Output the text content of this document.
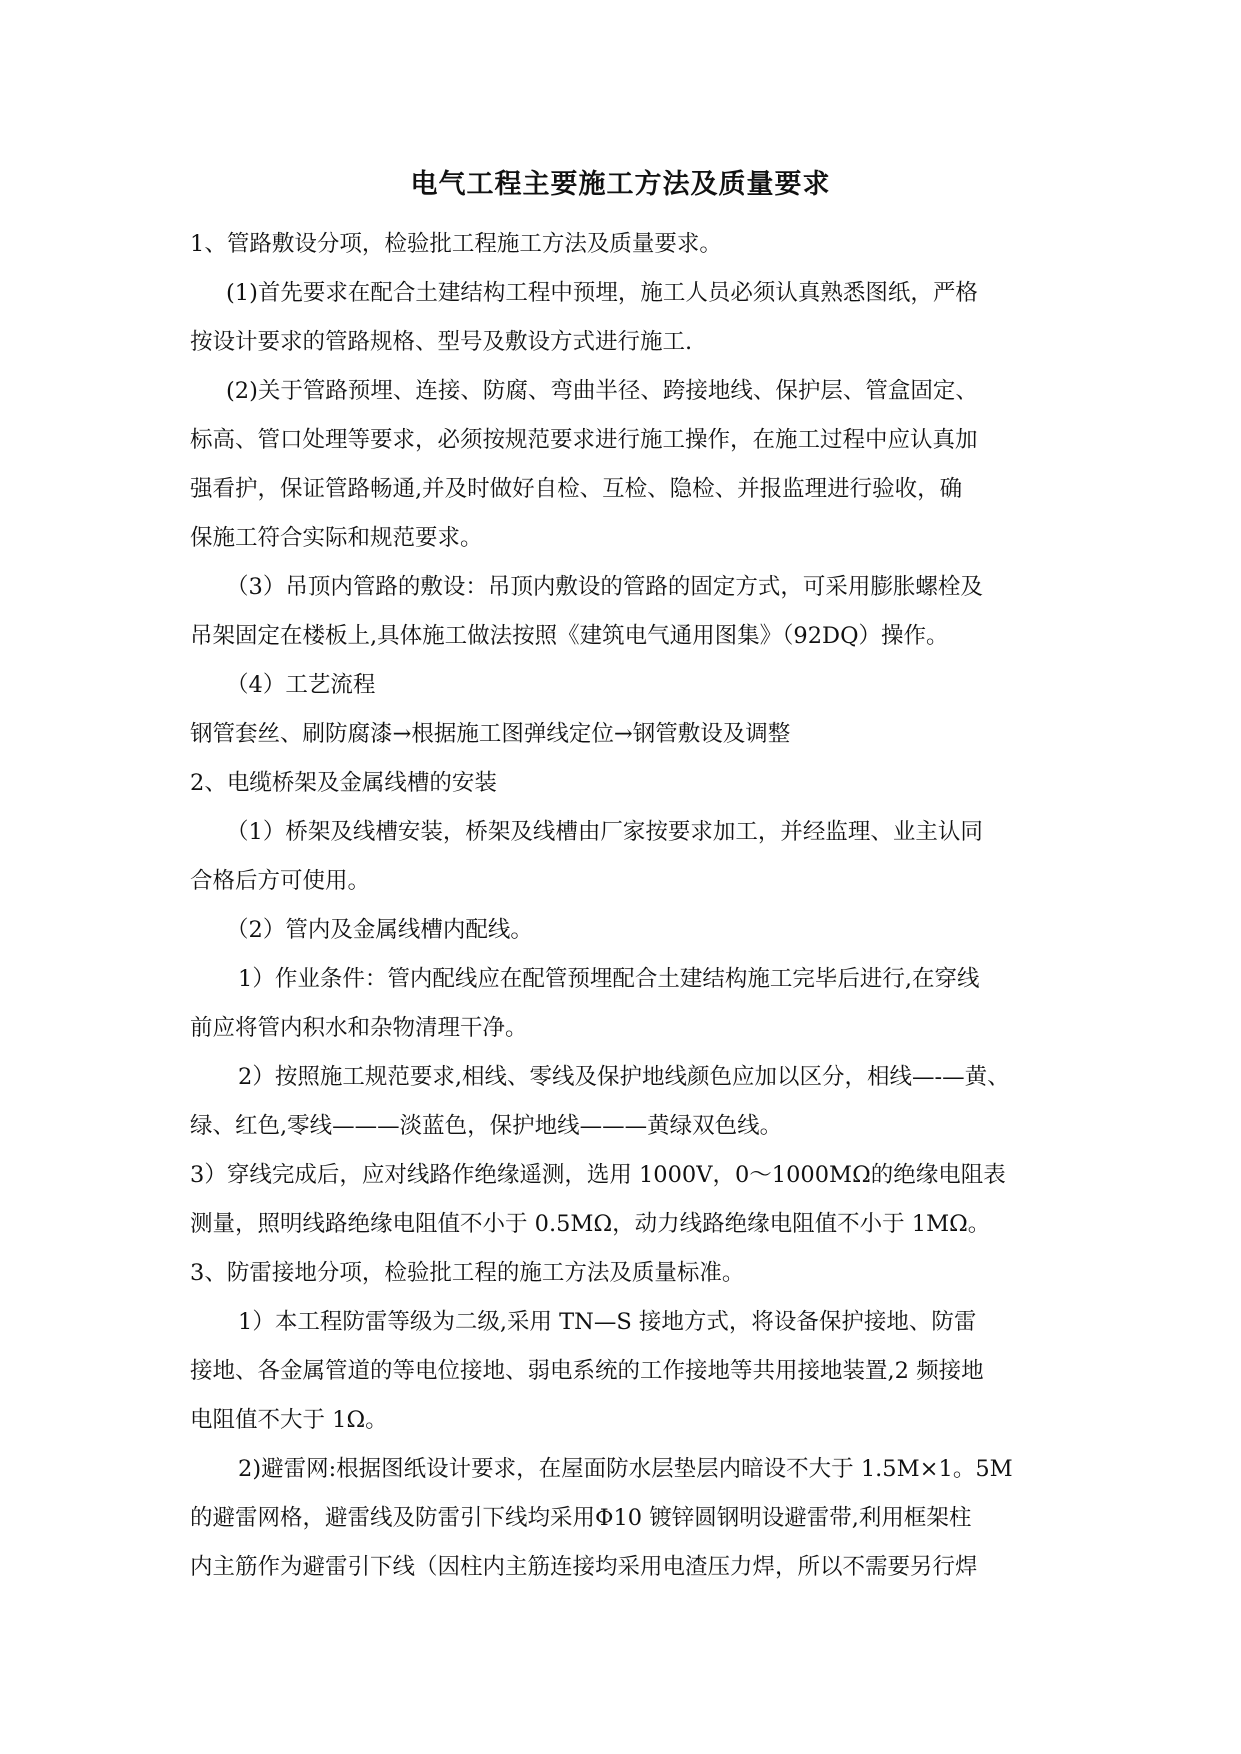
电气工程主要施工方法及质量要求
1、管路敷设分项，检验批工程施工方法及质量要求。
(1)首先要求在配合土建结构工程中预埋，施工人员必须认真熟悉图纸，严格
按设计要求的管路规格、型号及敷设方式进行施工.
(2)关于管路预埋、连接、防腐、弯曲半径、跨接地线、保护层、管盒固定、
标高、管口处理等要求，必须按规范要求进行施工操作，在施工过程中应认真加
强看护，保证管路畅通,并及时做好自检、互检、隐检、并报监理进行验收，确
保施工符合实际和规范要求。
（3）吊顶内管路的敷设：吊顶内敷设的管路的固定方式，可采用膨胀螺栓及
吊架固定在楼板上,具体施工做法按照《建筑电气通用图集》（92DQ）操作。
（4）工艺流程
钢管套丝、刷防腐漆→根据施工图弹线定位→钢管敷设及调整
2、电缆桥架及金属线槽的安装
（1）桥架及线槽安装，桥架及线槽由厂家按要求加工，并经监理、业主认同
合格后方可使用。
（2）管内及金属线槽内配线。
1）作业条件：管内配线应在配管预埋配合土建结构施工完毕后进行,在穿线
前应将管内积水和杂物清理干净。
2）按照施工规范要求,相线、零线及保护地线颜色应加以区分，相线—-—黄、
绿、红色,零线———淡蓝色，保护地线———黄绿双色线。
3）穿线完成后，应对线路作绝缘遥测，选用 1000V，0～1000MΩ的绝缘电阻表
测量，照明线路绝缘电阻值不小于 0.5MΩ，动力线路绝缘电阻值不小于 1MΩ。
3、防雷接地分项，检验批工程的施工方法及质量标准。
1）本工程防雷等级为二级,采用 TN—S 接地方式，将设备保护接地、防雷
接地、各金属管道的等电位接地、弱电系统的工作接地等共用接地装置,2 频接地
电阻值不大于 1Ω。
2)避雷网:根据图纸设计要求，在屋面防水层垫层内暗设不大于 1.5M×1。5M
的避雷网格，避雷线及防雷引下线均采用Φ10 镀锌圆钢明设避雷带,利用框架柱
内主筋作为避雷引下线（因柱内主筋连接均采用电渣压力焊，所以不需要另行焊
